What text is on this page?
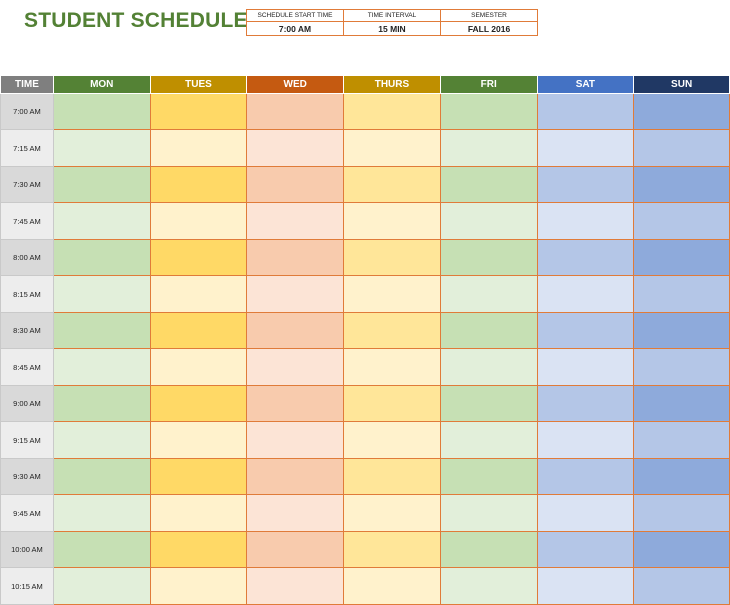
STUDENT SCHEDULE SCHEDULE START TIME	TIME INTERVAL	SEMESTER
7:00 AM	15 MIN	FALL 2016
TIME	MON	TUES	WED	THURS	FRI	SAT	SUN
7:00 AM							
7:15 AM							
7:30 AM							
7:45 AM							
8:00 AM							
8:15 AM							
8:30 AM							
8:45 AM							
9:00 AM							
9:15 AM							
9:30 AM							
9:45 AM							
10:00 AM							
10:15 AM							
